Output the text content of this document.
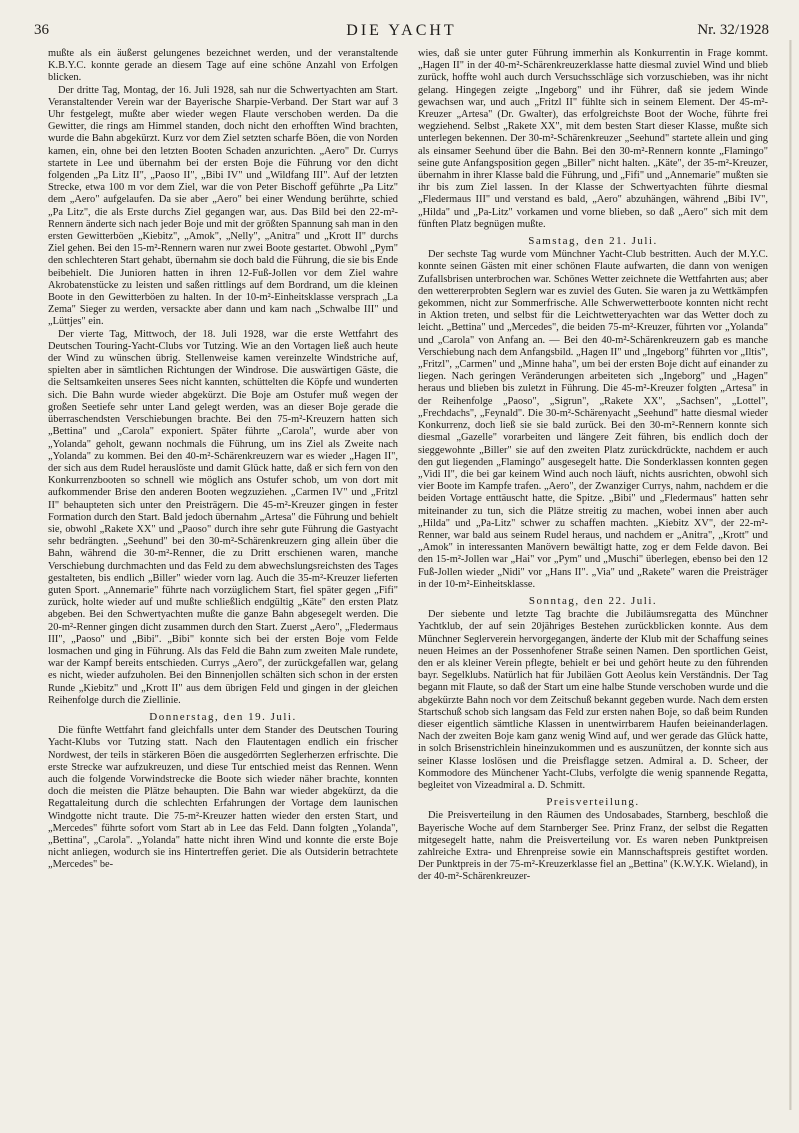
36	DIE YACHT	Nr. 32/1928

mußte als ein äußerst gelungenes bezeichnet werden, und der veranstaltende K.B.Y.C. konnte gerade an diesem Tage auf eine schöne Anzahl von Erfolgen blicken.

Der dritte Tag, Montag, der 16. Juli 1928, sah nur die Schwertyachten am Start. Veranstaltender Verein war der Bayerische Sharpie-Verband. Der Start war auf 3 Uhr festgelegt, mußte aber wieder wegen Flaute verschoben werden. Da die Gewitter, die rings am Himmel standen, doch nicht den erhofften Wind brachten, wurde die Bahn abgekürzt. Kurz vor dem Ziel setzten scharfe Böen, die von Norden kamen, ein, ohne bei den letzten Booten Schaden anzurichten. „Aero" Dr. Currys startete in Lee und übernahm bei der ersten Boje die Führung vor den dicht folgenden „Pa Litz II", „Paoso II", „Bibi IV" und „Wildfang III". Auf der letzten Strecke, etwa 100 m vor dem Ziel, war die von Peter Bischoff geführte „Pa Litz" dem „Aero" aufgelaufen. Da sie aber „Aero" bei einer Wendung berührte, schied „Pa Litz", die als Erste durchs Ziel gegangen war, aus. Das Bild bei den 22-m²-Rennern änderte sich nach jeder Boje und mit der größten Spannung sah man in den ersten Gewitterböen „Kiebitz", „Amok", „Nelly", „Anitra" und „Krott II" durchs Ziel gehen. Bei den 15-m²-Rennern waren nur zwei Boote gestartet. Obwohl „Pym" den schlechteren Start gehabt, übernahm sie doch bald die Führung, die sie bis Ende beibehielt. Die Junioren hatten in ihren 12-Fuß-Jollen vor dem Ziel wahre Akrobatenstücke zu leisten und saßen rittlings auf dem Bordrand, um die kleinen Boote in den Gewitterböen zu halten. In der 10-m²-Einheitsklasse versprach „La Zema" Sieger zu werden, versackte aber dann und kam nach „Schwalbe III" und „Lüttjes" ein.

Der vierte Tag, Mittwoch, der 18. Juli 1928, war die erste Wettfahrt des Deutschen Touring-Yacht-Clubs vor Tutzing. Wie an den Vortagen ließ auch heute der Wind zu wünschen übrig. Stellenweise kamen vereinzelte Windstriche auf, spielten aber in sämtlichen Richtungen der Windrose. Die auswärtigen Gäste, die die Seltsamkeiten unseres Sees nicht kannten, schüttelten die Köpfe und wunderten sich. Die Bahn wurde wieder abgekürzt. Die Boje am Ostufer muß wegen der großen Seetiefe sehr unter Land gelegt werden, was an dieser Boje gerade die überraschendsten Verschiebungen brachte. Bei den 75-m²-Kreuzern hatten sich „Bettina" und „Carola" exponiert. Später führte „Carola", wurde aber von „Yolanda" geholt, gewann nochmals die Führung, um ins Ziel als Zweite nach „Yolanda" zu kommen. Bei den 40-m²-Schärenkreuzern war es wieder „Hagen II", der sich aus dem Rudel herauslöste und damit Glück hatte, daß er sich fern von den Konkurrenzbooten so schnell wie möglich ans Ostufer schob, um von dort mit aufkommender Brise den anderen Booten wegzuziehen. „Carmen IV" und „Fritzl II" behaupteten sich unter den Preisträgern. Die 45-m²-Kreuzer gingen in fester Formation durch den Start. Bald jedoch übernahm „Artesa" die Führung und behielt sie, obwohl „Rakete XX" und „Paoso" durch ihre sehr gute Führung die Gastyacht sehr bedrängten. „Seehund" bei den 30-m²-Schärenkreuzern ging allein über die Bahn, während die 30-m²-Renner, die zu Dritt erschienen waren, manche Verschiebung durchmachten und das Feld zu dem abwechslungsreichsten des Tages gestalteten, bis endlich „Biller" wieder vorn lag. Auch die 35-m²-Kreuzer lieferten guten Sport. „Annemarie" führte nach vorzüglichem Start, fiel später gegen „Fifi" zurück, holte wieder auf und mußte schließlich endgültig „Käte" den ersten Platz abgeben. Bei den Schwertyachten mußte die ganze Bahn abgesegelt werden. Die 20-m²-Renner gingen dicht zusammen durch den Start. Zuerst „Aero", „Fledermaus III", „Paoso" und „Bibi". „Bibi" konnte sich bei der ersten Boje vom Felde losmachen und ging in Führung. Als das Feld die Bahn zum zweiten Male rundete, war der Kampf bereits entschieden. Currys „Aero", der zurückgefallen war, gelang es nicht, wieder aufzuholen. Bei den Binnenjollen schälten sich schon in der ersten Runde „Kiebitz" und „Krott II" aus dem übrigen Feld und gingen in der gleichen Reihenfolge durch die Ziellinie.

Donnerstag, den 19. Juli.

Die fünfte Wettfahrt fand gleichfalls unter dem Stander des Deutschen Touring Yacht-Klubs vor Tutzing statt. Nach den Flautentagen endlich ein frischer Nordwest, der teils in stärkeren Böen die ausgedörrten Seglerherzen erfrischte. Die erste Strecke war aufzukreuzen, und diese Tur entschied meist das Rennen. Wenn auch die folgende Vorwindstrecke die Boote sich wieder näher brachte, konnten doch die meisten die Plätze behaupten. Die Bahn war wieder abgekürzt, da die Regattaleitung durch die schlechten Erfahrungen der Vortage dem launischen Windgotte nicht traute. Die 75-m²-Kreuzer hatten wieder den ersten Start, und „Mercedes" führte sofort vom Start ab in Lee das Feld. Dann folgten „Yolanda", „Bettina", „Carola". „Yolanda" hatte nicht ihren Wind und konnte die erste Boje nicht anliegen, wodurch sie ins Hintertreffen geriet. Die als Outsiderin betrachtete „Mercedes" be-

wies, daß sie unter guter Führung immerhin als Konkurrentin in Frage kommt. „Hagen II" in der 40-m²-Schärenkreuzerklasse hatte diesmal zuviel Wind und blieb zurück, hoffte wohl auch durch Versuchsschläge sich vorzuschieben, was ihr nicht gelang. Hingegen zeigte „Ingeborg" und ihr Führer, daß sie jedem Winde gewachsen war, und auch „Fritzl II" fühlte sich in seinem Element. Der 45-m²-Kreuzer „Artesa" (Dr. Gwalter), das erfolgreichste Boot der Woche, führte frei wegziehend. Selbst „Rakete XX", mit dem besten Start dieser Klasse, mußte sich unterlegen bekennen. Der 30-m²-Schärenkreuzer „Seehund" startete allein und ging als einsamer Seehund über die Bahn. Bei den 30-m²-Rennern konnte „Flamingo" seine gute Anfangsposition gegen „Biller" nicht halten. „Käte", der 35-m²-Kreuzer, übernahm in ihrer Klasse bald die Führung, und „Fifi" und „Annemarie" mußten sie ihr bis zum Ziel lassen. In der Klasse der Schwertyachten führte diesmal „Fledermaus III" und verstand es bald, „Aero" abzuhängen, während „Bibi IV", „Hilda" und „Pa-Litz" vorkamen und vorne blieben, so daß „Aero" sich mit dem fünften Platz begnügen mußte.

Samstag, den 21. Juli.

Der sechste Tag wurde vom Münchner Yacht-Club bestritten. Auch der M.Y.C. konnte seinen Gästen mit einer schönen Flaute aufwarten, die dann von wenigen Zufallsbrisen unterbrochen war. Schönes Wetter zeichnete die Wettfahrten aus; aber den wettererprobten Seglern war es zuviel des Guten. Sie waren ja zu Wettkämpfen gekommen, nicht zur Sommerfrische. Alle Schwerwetterboote konnten nicht recht in Aktion treten, und selbst für die Leichtwetteryachten war das Wetter doch zu leicht. „Bettina" und „Mercedes", die beiden 75-m²-Kreuzer, führten vor „Yolanda" und „Carola" von Anfang an. — Bei den 40-m²-Schärenkreuzern gab es manche Verschiebung nach dem Anfangsbild. „Hagen II" und „Ingeborg" führten vor „Iltis", „Fritzl", „Carmen" und „Minne haha", um bei der ersten Boje dicht auf einander zu liegen. Nach geringen Veränderungen arbeiteten sich „Ingeborg" und „Hagen" heraus und blieben bis zuletzt in Führung. Die 45-m²-Kreuzer folgten „Artesa" in der Reihenfolge „Paoso", „Sigrun", „Rakete XX", „Sachsen", „Lottel", „Frechdachs", „Feynald". Die 30-m²-Schärenyacht „Seehund" hatte diesmal wieder Konkurrenz, doch ließ sie sie bald zurück. Bei den 30-m²-Rennern konnte sich diesmal „Gazelle" vorarbeiten und längere Zeit führen, bis endlich doch der sieggewohnte „Biller" sie auf den zweiten Platz zurückdrückte, nachdem er auch den gut liegenden „Flamingo" ausgesegelt hatte. Die Sonderklassen konnten gegen „Vidi II", die bei gar keinem Wind auch noch läuft, nichts ausrichten, obwohl sich vier Boote im Kampfe trafen. „Aero", der Zwanziger Currys, nahm, nachdem er die beiden Vortage enttäuscht hatte, die Spitze. „Bibi" und „Fledermaus" hatten sehr miteinander zu tun, sich die Plätze streitig zu machen, wobei innen aber auch „Hilda" und „Pa-Litz" schwer zu schaffen machten. „Kiebitz XV", der 22-m²-Renner, war bald aus seinem Rudel heraus, und nachdem er „Anitra", „Krott" und „Amok" in interessanten Manövern bewältigt hatte, zog er dem Felde davon. Bei den 15-m²-Jollen war „Hai" vor „Pym" und „Muschi" überlegen, ebenso bei den 12 Fuß-Jollen wieder „Nidi" vor „Hans II". „Via" und „Rakete" waren die Preisträger in der 10-m²-Einheitsklasse.

Sonntag, den 22. Juli.

Der siebente und letzte Tag brachte die Jubiläumsregatta des Münchner Yachtklub, der auf sein 20jähriges Bestehen zurückblicken konnte. Aus dem Münchner Seglerverein hervorgegangen, änderte der Klub mit der Schaffung seines neuen Heimes an der Possenhofener Straße seinen Namen. Den sportlichen Geist, den er als kleiner Verein pflegte, behielt er bei und gehört heute zu den führenden bayr. Segelklubs. Natürlich hat für Jubiläen Gott Aeolus kein Verständnis. Der Tag begann mit Flaute, so daß der Start um eine halbe Stunde verschoben wurde und die abgekürzte Bahn noch vor dem Zeitschuß bekannt gegeben wurde. Nach dem ersten Startschuß schob sich langsam das Feld zur ersten nahen Boje, so daß beim Runden dieser eigentlich sämtliche Klassen in unentwirrbarem Haufen beieinanderlagen. Nach der zweiten Boje kam ganz wenig Wind auf, und wer gerade das Glück hatte, in solch Brisenstrichlein hineinzukommen und es auszunützen, der konnte sich aus seiner Klasse loslösen und die Preisflagge setzen. Admiral a. D. Scheer, der Kommodore des Münchener Yacht-Clubs, verfolgte die wenig spannende Regatta, begleitet von Vizeadmiral a. D. Schmitt.

Preisverteilung.

Die Preisverteilung in den Räumen des Undosabades, Starnberg, beschloß die Bayerische Woche auf dem Starnberger See. Prinz Franz, der selbst die Regatten mitgesegelt hatte, nahm die Preisverteilung vor. Es waren neben Punktpreisen zahlreiche Extra- und Ehrenpreise sowie ein Mannschaftspreis gestiftet worden. Der Punktpreis in der 75-m²-Kreuzerklasse fiel an „Bettina" (K.W.Y.K. Wieland), in der 40-m²-Schärenkreuzer-
